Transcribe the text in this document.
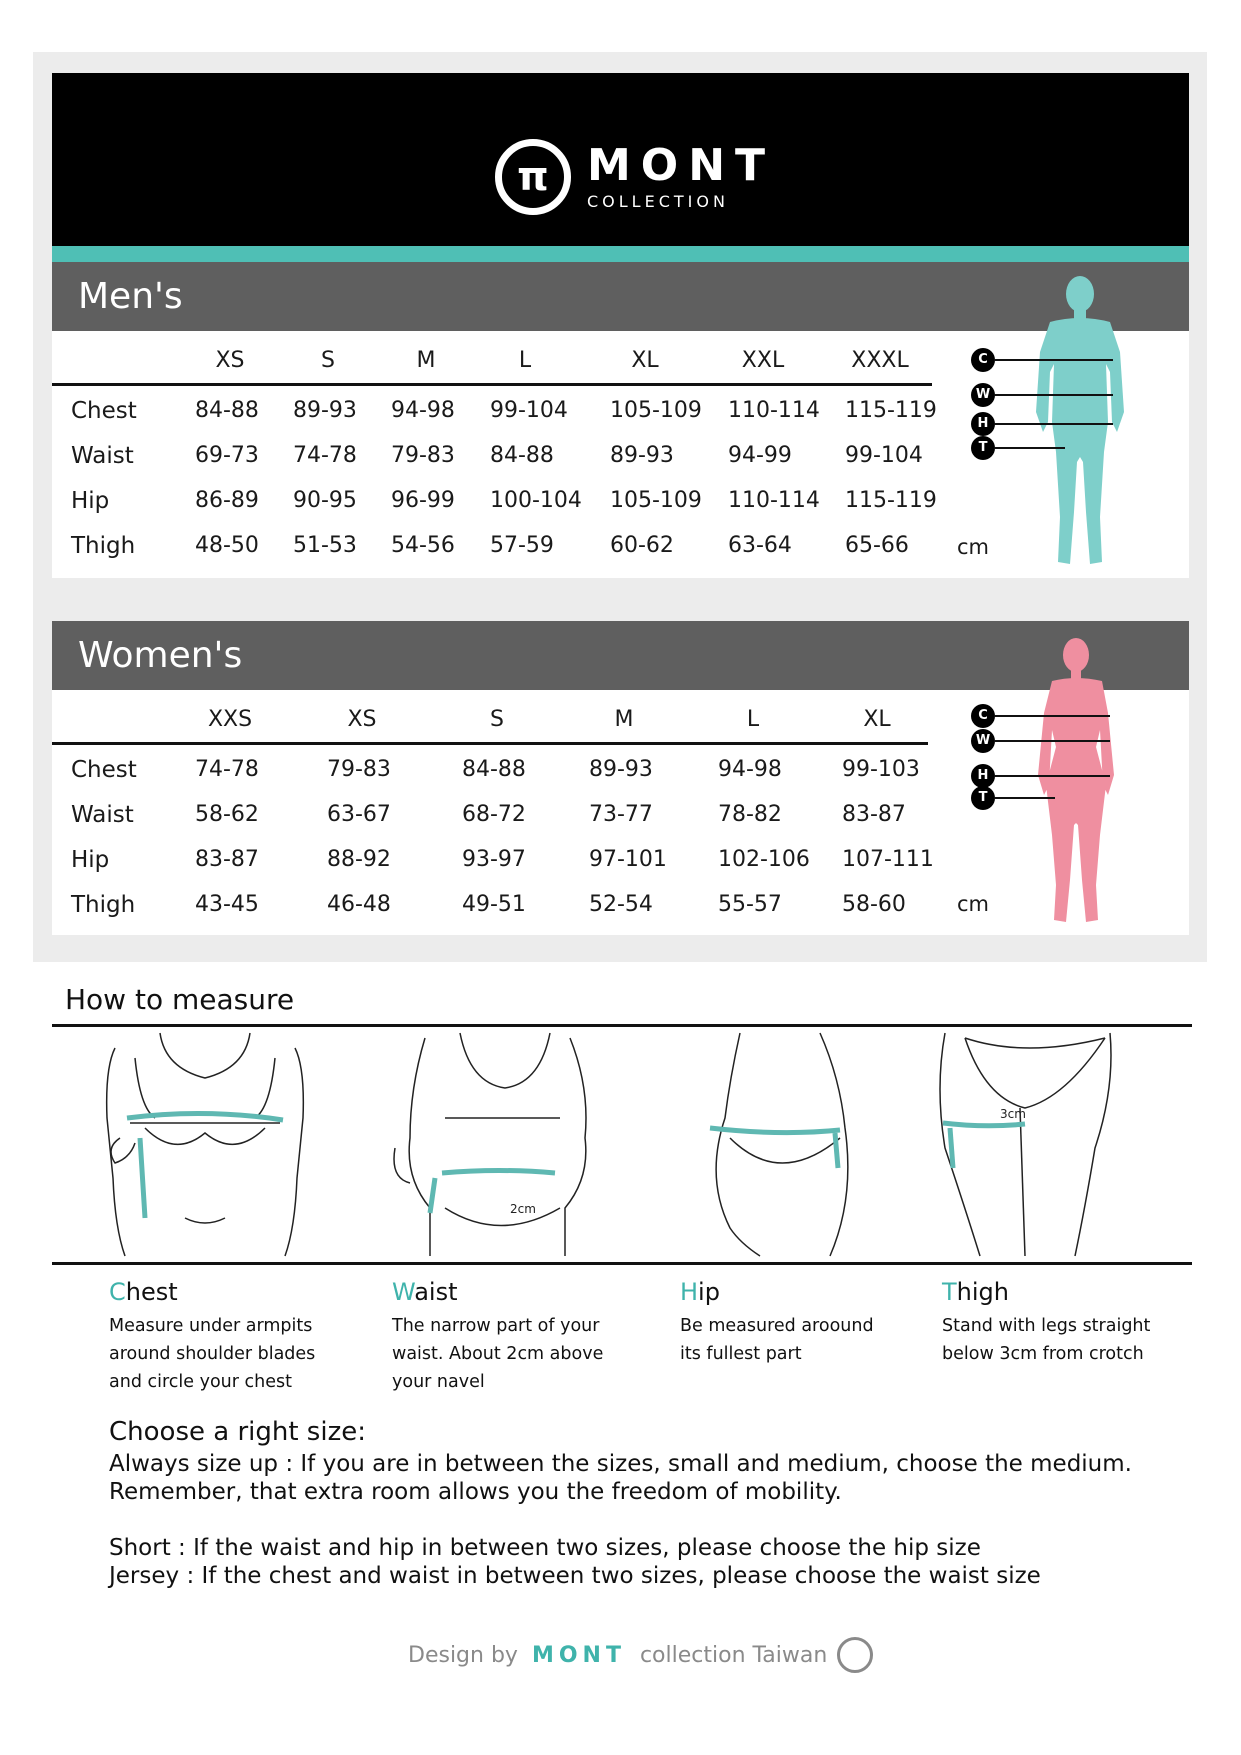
π MONT
COLLECTION
Men's
XS	S	M	L	XL	XXL	XXXL
Chest	84-88 89-93 94-98 99-104 105-109 110-114 115-119
Waist	69-73 74-78 79-83 84-88	89-93 94-99 99-104
Hip	86-89 90-95 96-99 100-104 105-109 110-114 115-119
Thigh	48-50 51-53 54-56 57-59	60-62 63-64 65-66 cm
C
W
H
T
Women's
XXS	XS	S	M	L	XL
Chest	74-78	79-83	84-88	89-93	94-98	99-103
Waist	58-62	63-67	68-72	73-77	78-82	83-87
Hip	83-87	88-92	93-97	97-101 102-106 107-111
Thigh	43-45	46-48	49-51	52-54	55-57	58-60 cm
C
W
H
T
How to measure
2cm
3cm
Chest
Measure under armpits
around shoulder blades
and circle your chest
Waist
The narrow part of your
waist. About 2cm above
your navel
Hip
Be measured aroound
its fullest part
Thigh
Stand with legs straight
below 3cm from crotch

Choose a right size:

Always size up : If you are in between the sizes, small and medium, choose the medium.

Remember, that extra room allows you the freedom of mobility.

Short : If the waist and hip in between two sizes, please choose the hip size

Jersey : If the chest and waist in between two sizes, please choose the waist size

Design by MONT collection Taiwan
